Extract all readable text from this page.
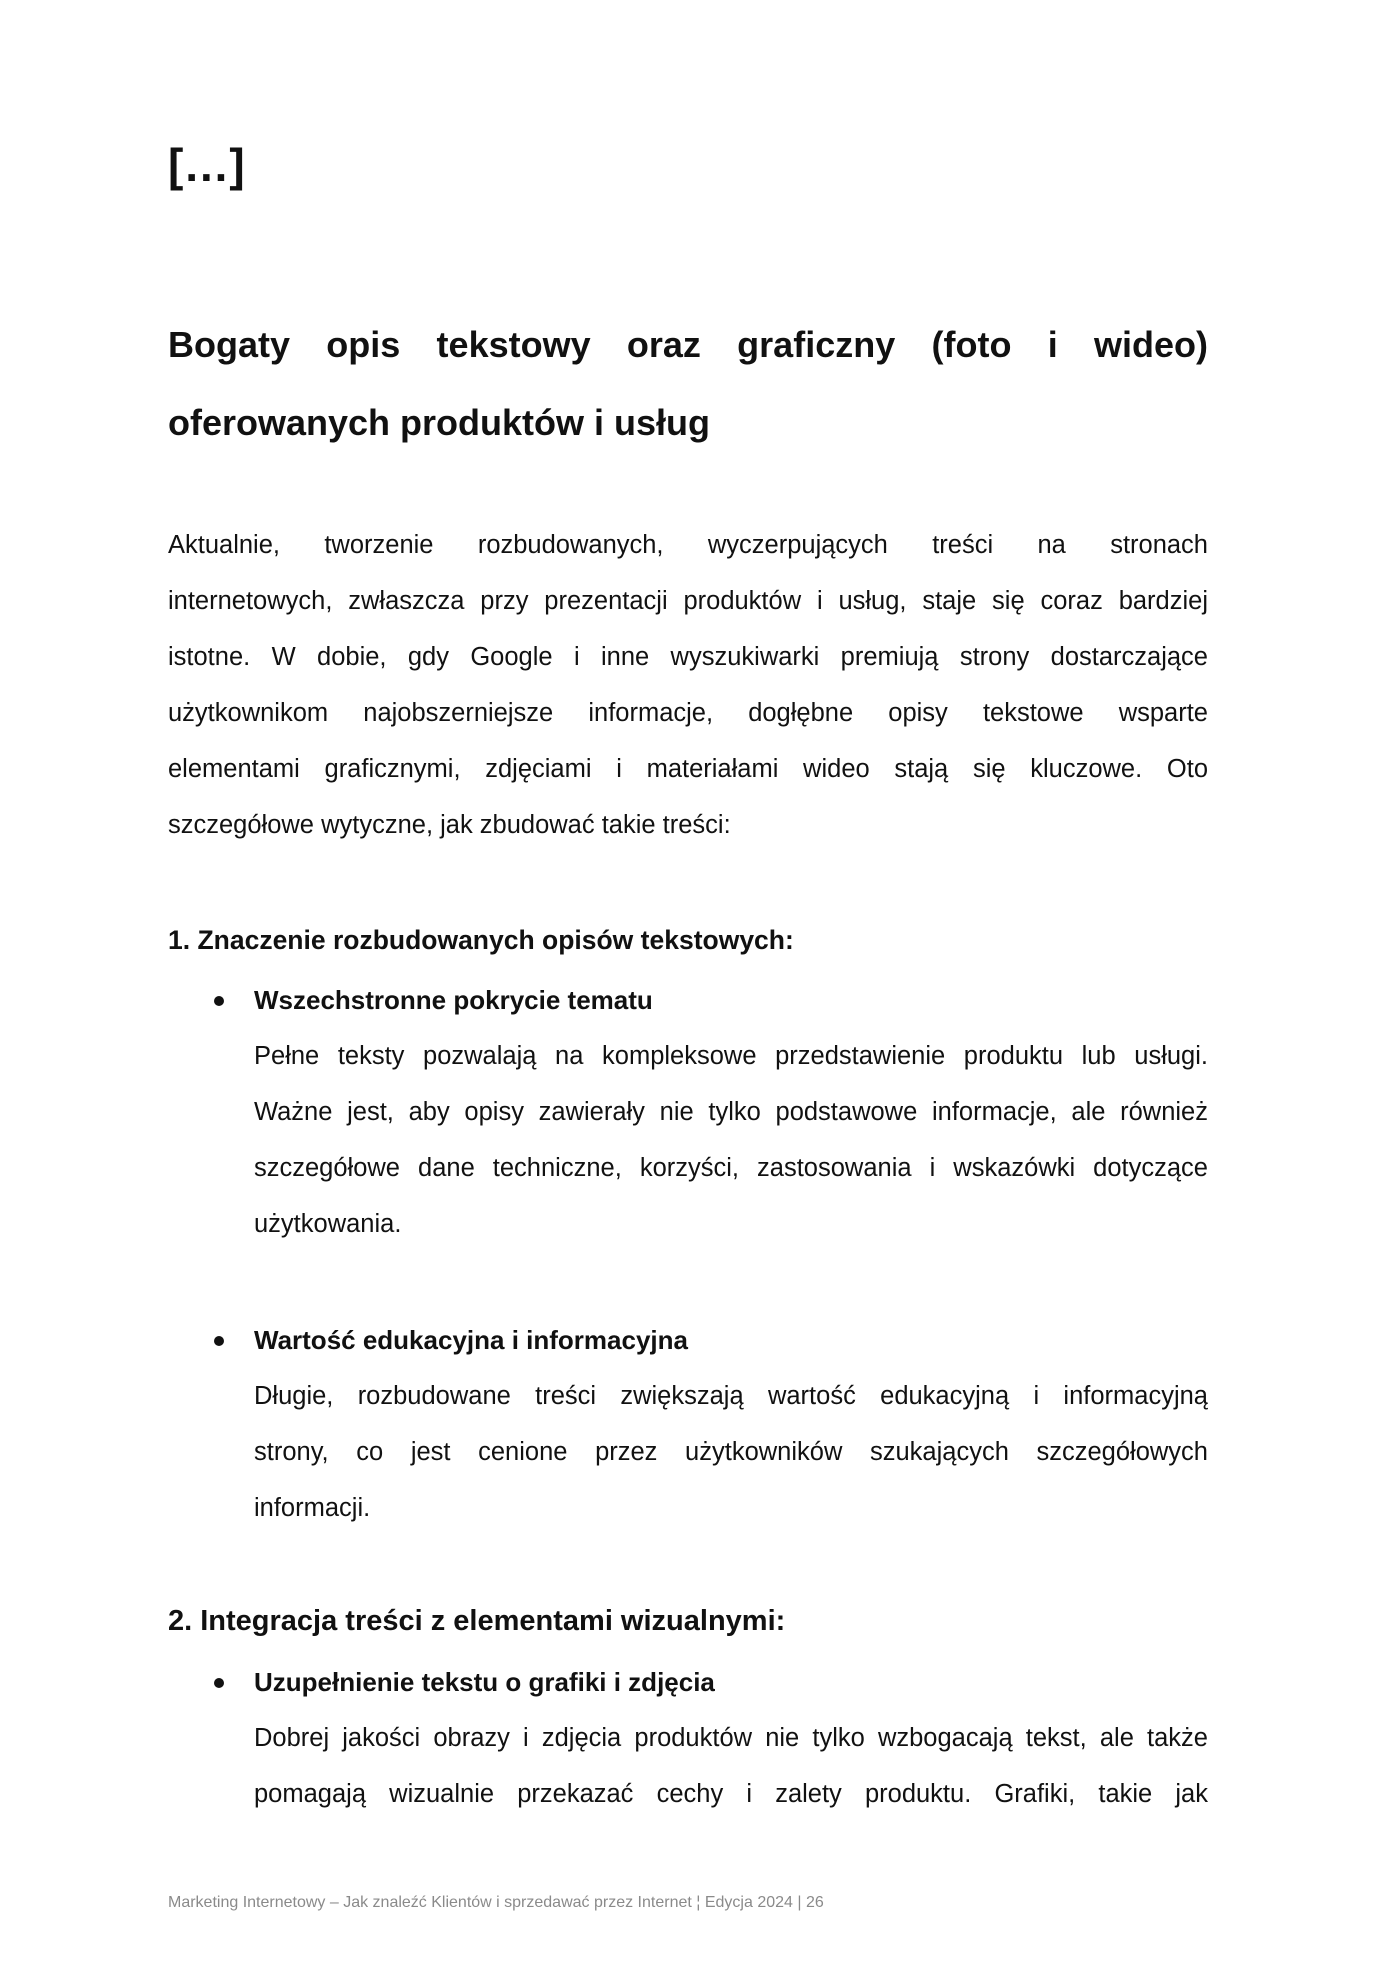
[…]
Bogaty opis tekstowy oraz graficzny (foto i wideo)
oferowanych produktów i usług
Aktualnie, tworzenie rozbudowanych, wyczerpujących treści na stronach
internetowych, zwłaszcza przy prezentacji produktów i usług, staje się coraz bardziej
istotne. W dobie, gdy Google i inne wyszukiwarki premiują strony dostarczające
użytkownikom najobszerniejsze informacje, dogłębne opisy tekstowe wsparte
elementami graficznymi, zdjęciami i materiałami wideo stają się kluczowe. Oto
szczegółowe wytyczne, jak zbudować takie treści:
1. Znaczenie rozbudowanych opisów tekstowych:
Wszechstronne pokrycie tematu
Pełne teksty pozwalają na kompleksowe przedstawienie produktu lub usługi.
Ważne jest, aby opisy zawierały nie tylko podstawowe informacje, ale również
szczegółowe dane techniczne, korzyści, zastosowania i wskazówki dotyczące
użytkowania.
Wartość edukacyjna i informacyjna
Długie, rozbudowane treści zwiększają wartość edukacyjną i informacyjną
strony, co jest cenione przez użytkowników szukających szczegółowych
informacji.
2. Integracja treści z elementami wizualnymi:
Uzupełnienie tekstu o grafiki i zdjęcia
Dobrej jakości obrazy i zdjęcia produktów nie tylko wzbogacają tekst, ale także
pomagają wizualnie przekazać cechy i zalety produktu. Grafiki, takie jak
Marketing Internetowy – Jak znaleźć Klientów i sprzedawać przez Internet ¦ Edycja 2024 | 26
